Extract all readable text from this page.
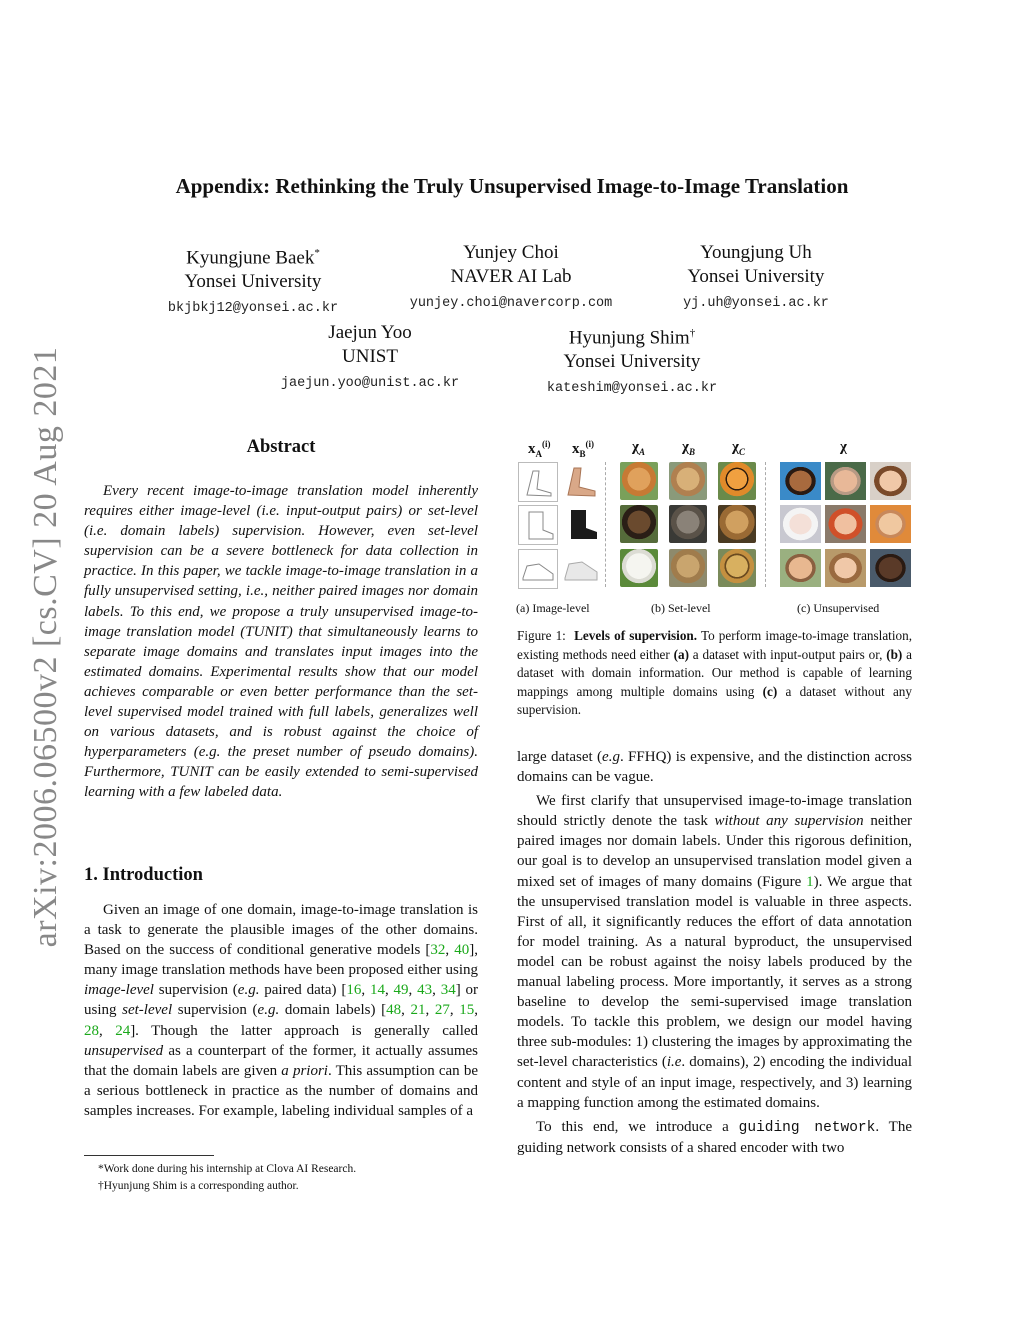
Appendix: Rethinking the Truly Unsupervised Image-to-Image Translation
arXiv:2006.06500v2 [cs.CV] 20 Aug 2021
Kyungjune Baek*
Yonsei University
bkjbkj12@yonsei.ac.kr
Yunjey Choi
NAVER AI Lab
yunjey.choi@navercorp.com
Youngjung Uh
Yonsei University
yj.uh@yonsei.ac.kr
Jaejun Yoo
UNIST
jaejun.yoo@unist.ac.kr
Hyunjung Shim†
Yonsei University
kateshim@yonsei.ac.kr
Abstract

Every recent image-to-image translation model inherently requires either image-level (i.e. input-output pairs) or set-level (i.e. domain labels) supervision. However, even set-level supervision can be a severe bottleneck for data collection in practice. In this paper, we tackle image-to-image translation in a fully unsupervised setting, i.e., neither paired images nor domain labels. To this end, we propose a truly unsupervised image-to-image translation model (TUNIT) that simultaneously learns to separate image domains and translates input images into the estimated domains. Experimental results show that our model achieves comparable or even better performance than the set-level supervised model trained with full labels, generalizes well on various datasets, and is robust against the choice of hyperparameters (e.g. the preset number of pseudo domains). Furthermore, TUNIT can be easily extended to semi-supervised learning with a few labeled data.

1. Introduction

Given an image of one domain, image-to-image translation is a task to generate the plausible images of the other domains. Based on the success of conditional generative models [32, 40], many image translation methods have been proposed either using image-level supervision (e.g. paired data) [16, 14, 49, 43, 34] or using set-level supervision (e.g. domain labels) [48, 21, 27, 15, 28, 24]. Though the latter approach is generally called unsupervised as a counterpart of the former, it actually assumes that the domain labels are given a priori. This assumption can be a serious bottleneck in practice as the number of domains and samples increases. For example, labeling individual samples of a

*Work done during his internship at Clova AI Research.
†Hyunjung Shim is a corresponding author.
$x_A^{(i)}$ $x_B^{(i)}$	$\chi_A$ $\chi_B$ $\chi_C$	χ
(a) Image-level	(b) Set-level	(c) Unsupervised
Figure 1: Levels of supervision. To perform image-to-image translation, existing methods need either (a) a dataset with input-output pairs or, (b) a dataset with domain information. Our method is capable of learning mappings among multiple domains using (c) a dataset without any supervision.

large dataset (e.g. FFHQ) is expensive, and the distinction across domains can be vague.

We first clarify that unsupervised image-to-image translation should strictly denote the task without any supervision neither paired images nor domain labels. Under this rigorous definition, our goal is to develop an unsupervised translation model given a mixed set of images of many domains (Figure 1). We argue that the unsupervised translation model is valuable in three aspects. First of all, it significantly reduces the effort of data annotation for model training. As a natural byproduct, the unsupervised model can be robust against the noisy labels produced by the manual labeling process. More importantly, it serves as a strong baseline to develop the semi-supervised image translation models. To tackle this problem, we design our model having three sub-modules: 1) clustering the images by approximating the set-level characteristics (i.e. domains), 2) encoding the individual content and style of an input image, respectively, and 3) learning a mapping function among the estimated domains.

To this end, we introduce a guiding network. The guiding network consists of a shared encoder with two
